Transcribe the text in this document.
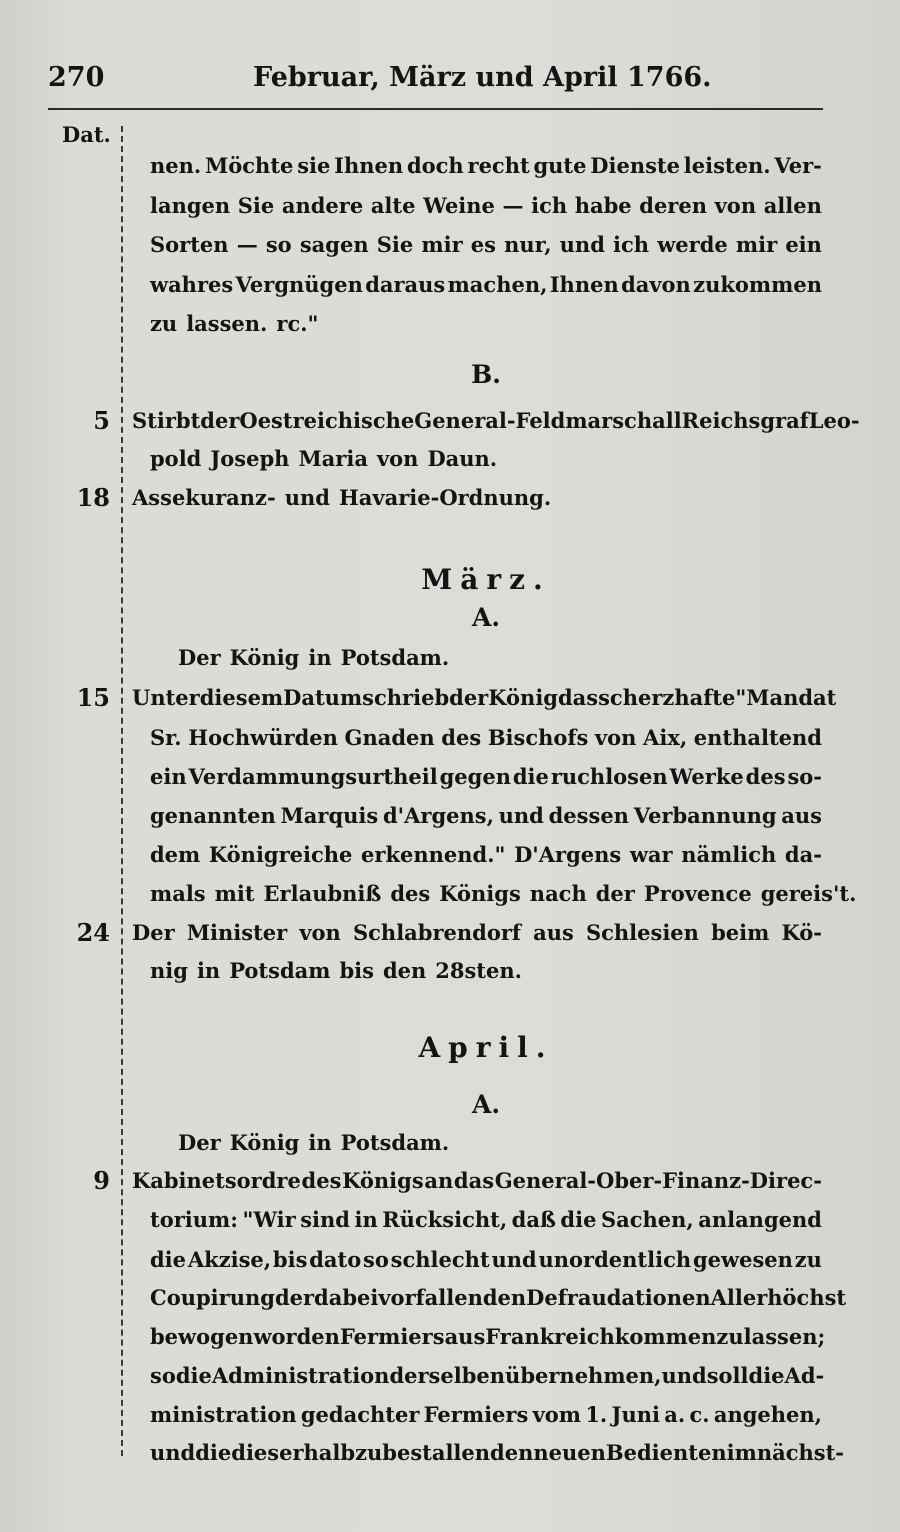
270	Februar, März und April 1766.
Dat.
nen. Möchte sie Ihnen doch recht gute Dienste leisten. Ver-
langen Sie andere alte Weine — ich habe deren von allen
Sorten — so sagen Sie mir es nur, und ich werde mir ein
wahres Vergnügen daraus machen, Ihnen davon zukommen
zu lassen. rc."
B.
5 Stirbt der Oestreichische General-Feldmarschall Reichsgraf Leo-
pold Joseph Maria von Daun.
18 Assekuranz- und Havarie-Ordnung.
März.
A.
Der König in Potsdam.
15 Unter diesem Datum schrieb der König das scherzhafte "Mandat
Sr. Hochwürden Gnaden des Bischofs von Aix, enthaltend
ein Verdammungsurtheil gegen die ruchlosen Werke des so-
genannten Marquis d'Argens, und dessen Verbannung aus
dem Königreiche erkennend." D'Argens war nämlich da-
mals mit Erlaubniß des Königs nach der Provence gereis't.
24 Der Minister von Schlabrendorf aus Schlesien beim Kö-
nig in Potsdam bis den 28sten.
April.
A.
Der König in Potsdam.
9 Kabinetsordre des Königs an das General-Ober-Finanz-Direc-
torium: "Wir sind in Rücksicht, daß die Sachen, anlangend
die Akzise, bis dato so schlecht und unordentlich gewesen zu
Coupirung der dabei vorfallenden Defraudationen Allerhöchst
bewogen worden Fermiers aus Frankreich kommen zu lassen;
so die Administration derselben übernehmen, und soll die Ad-
ministration gedachter Fermiers vom 1. Juni a. c. angehen,
und die dieserhalb zu bestallenden neuen Bedienten im nächst-
